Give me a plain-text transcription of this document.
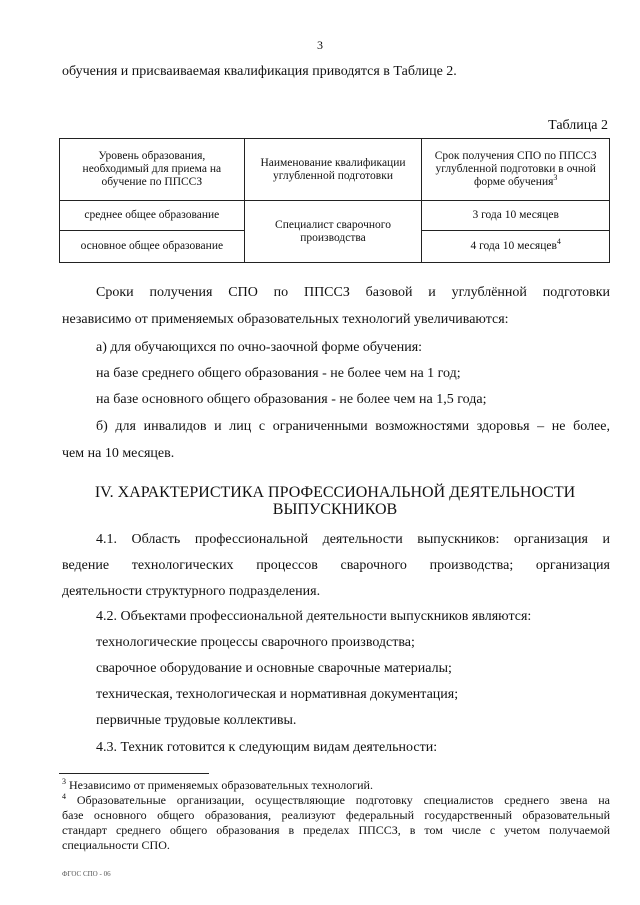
3
обучения и присваиваемая квалификация приводятся в Таблице 2.
Таблица 2
Уровень образования, необходимый для приема на обучение по ППССЗ	Наименование квалификации углубленной подготовки	Срок получения СПО по ППССЗ углубленной подготовки в очной форме обучения$^3$
среднее общее образование	Специалист сварочного производства	3 года 10 месяцев
основное общее образование		4 года 10 месяцев$^4$
Сроки получения СПО по ППССЗ базовой и углублённой подготовки
независимо от применяемых образовательных технологий увеличиваются:
а) для обучающихся по очно-заочной форме обучения:
на базе среднего общего образования - не более чем на 1 год;
на базе основного общего образования - не более чем на 1,5 года;
б) для инвалидов и лиц с ограниченными возможностями здоровья – не более,
чем на 10 месяцев.
IV. ХАРАКТЕРИСТИКА ПРОФЕССИОНАЛЬНОЙ ДЕЯТЕЛЬНОСТИ
ВЫПУСКНИКОВ
4.1. Область профессиональной деятельности выпускников: организация и
ведение технологических процессов сварочного производства; организация
деятельности структурного подразделения.
4.2. Объектами профессиональной деятельности выпускников являются:
технологические процессы сварочного производства;
сварочное оборудование и основные сварочные материалы;
техническая, технологическая и нормативная документация;
первичные трудовые коллективы.
4.3. Техник готовится к следующим видам деятельности:
$^3$ Независимо от применяемых образовательных технологий.
$^4$ Образовательные организации, осуществляющие подготовку специалистов среднего звена на
базе основного общего образования, реализуют федеральный государственный образовательный
стандарт среднего общего образования в пределах ППССЗ, в том числе с учетом получаемой
специальности СПО.
ФГОС СПО - 06
